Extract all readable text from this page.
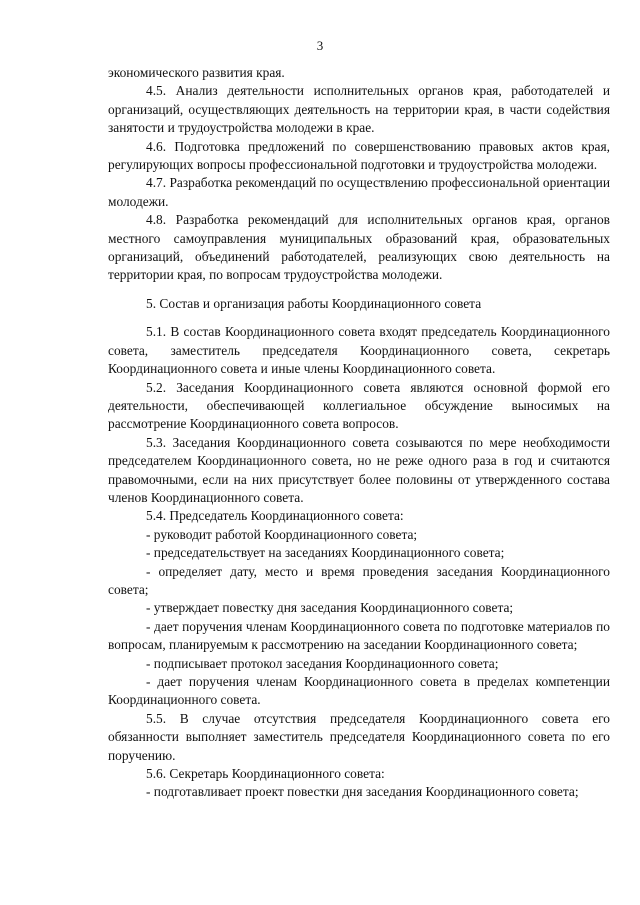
3

экономического развития края.

4.5. Анализ деятельности исполнительных органов края, работодателей и организаций, осуществляющих деятельность на территории края, в части содействия занятости и трудоустройства молодежи в крае.

4.6. Подготовка предложений по совершенствованию правовых актов края, регулирующих вопросы профессиональной подготовки и трудоустройства молодежи.

4.7. Разработка рекомендаций по осуществлению профессиональной ориентации молодежи.

4.8. Разработка рекомендаций для исполнительных органов края, органов местного самоуправления муниципальных образований края, образовательных организаций, объединений работодателей, реализующих свою деятельность на территории края, по вопросам трудоустройства молодежи.

5. Состав и организация работы Координационного совета

5.1. В состав Координационного совета входят председатель Координационного совета, заместитель председателя Координационного совета, секретарь Координационного совета и иные члены Координационного совета.

5.2. Заседания Координационного совета являются основной формой его деятельности, обеспечивающей коллегиальное обсуждение выносимых на рассмотрение Координационного совета вопросов.

5.3. Заседания Координационного совета созываются по мере необходимости председателем Координационного совета, но не реже одного раза в год и считаются правомочными, если на них присутствует более половины от утвержденного состава членов Координационного совета.

5.4. Председатель Координационного совета:

- руководит работой Координационного совета;

- председательствует на заседаниях Координационного совета;

- определяет дату, место и время проведения заседания Координационного совета;

- утверждает повестку дня заседания Координационного совета;

- дает поручения членам Координационного совета по подготовке материалов по вопросам, планируемым к рассмотрению на заседании Координационного совета;

- подписывает протокол заседания Координационного совета;

- дает поручения членам Координационного совета в пределах компетенции Координационного совета.

5.5. В случае отсутствия председателя Координационного совета его обязанности выполняет заместитель председателя Координационного совета по его поручению.

5.6. Секретарь Координационного совета:

- подготавливает проект повестки дня заседания Координационного совета;
